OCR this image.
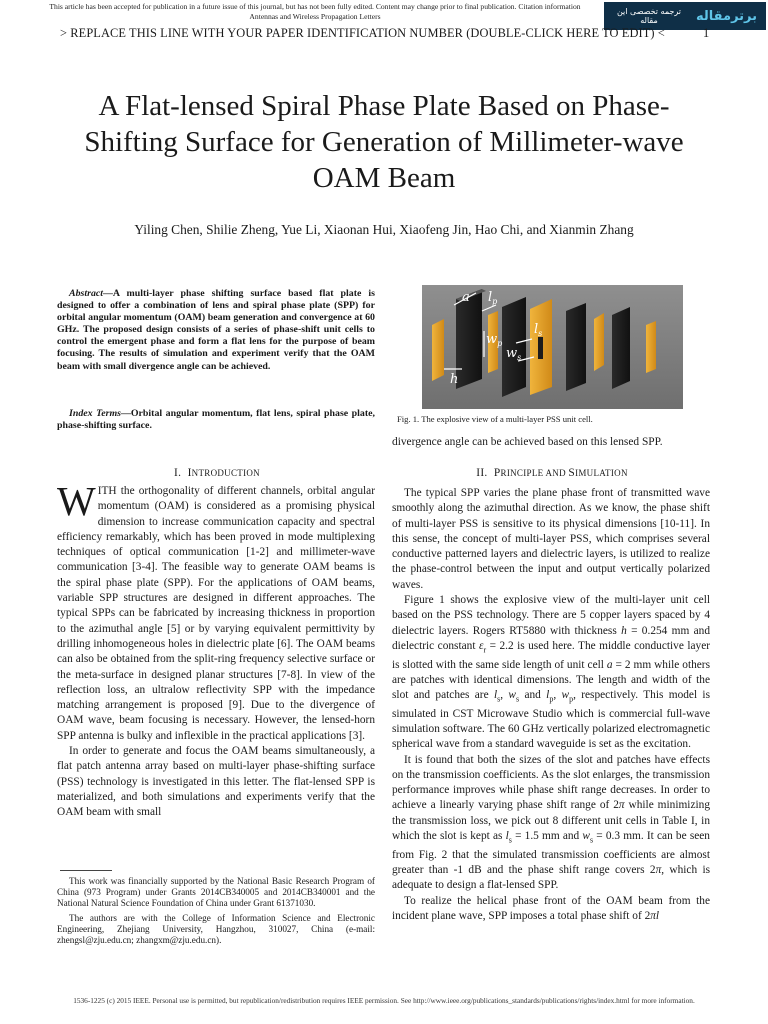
This article has been accepted for publication in a future issue of this journal, but has not been fully edited. Content may change prior to final publication. Citation information
Antennas and Wireless Propagation Letters
ترجمه تخصصی این مقاله	برترمقاله
> REPLACE THIS LINE WITH YOUR PAPER IDENTIFICATION NUMBER (DOUBLE-CLICK HERE TO EDIT) <	1
A Flat-lensed Spiral Phase Plate Based on Phase-Shifting Surface for Generation of Millimeter-wave OAM Beam
Yiling Chen, Shilie Zheng, Yue Li, Xiaonan Hui, Xiaofeng Jin, Hao Chi, and Xianmin Zhang
Abstract—A multi-layer phase shifting surface based flat plate is designed to offer a combination of lens and spiral phase plate (SPP) for orbital angular momentum (OAM) beam generation and convergence at 60 GHz. The proposed design consists of a series of phase-shift unit cells to control the emergent phase and form a flat lens for the purpose of beam focusing. The results of simulation and experiment verify that the OAM beam with small divergence angle can be achieved.
Index Terms—Orbital angular momentum, flat lens, spiral phase plate, phase-shifting surface.
a $l_p$
$w_p$
$l_s$
$w_s$
h
Fig. 1. The explosive view of a multi-layer PSS unit cell.
divergence angle can be achieved based on this lensed SPP.
I. INTRODUCTION	II. PRINCIPLE AND SIMULATION

WITH the orthogonality of different channels, orbital angular momentum (OAM) is considered as a promising physical dimension to increase communication capacity and spectral efficiency remarkably, which has been proved in mode multiplexing techniques of optical communication [1-2] and millimeter-wave communication [3-4]. The feasible way to generate OAM beams is the spiral phase plate (SPP). For the applications of OAM beams, variable SPP structures are designed in different approaches. The typical SPPs can be fabricated by increasing thickness in proportion to the azimuthal angle [5] or by varying equivalent permittivity by drilling inhomogeneous holes in dielectric plate [6]. The OAM beams can also be obtained from the split-ring frequency selective surface or the meta-surface in designed planar structures [7-8]. In view of the reflection loss, an ultralow reflectivity SPP with the impedance matching arrangement is proposed [9]. Due to the divergence of OAM wave, beam focusing is necessary. However, the lensed-horn SPP antenna is bulky and inflexible in the practical applications [3].

In order to generate and focus the OAM beams simultaneously, a flat patch antenna array based on multi-layer phase-shifting surface (PSS) technology is investigated in this letter. The flat-lensed SPP is materialized, and both simulations and experiments verify that the OAM beam with small

This work was financially supported by the National Basic Research Program of China (973 Program) under Grants 2014CB340005 and 2014CB340001 and the National Natural Science Foundation of China under Grant 61371030.

The authors are with the College of Information Science and Electronic Engineering, Zhejiang University, Hangzhou, 310027, China (e-mail: zhengsl@zju.edu.cn; zhangxm@zju.edu.cn).

The typical SPP varies the plane phase front of transmitted wave smoothly along the azimuthal direction. As we know, the phase shift of multi-layer PSS is sensitive to its physical dimensions [10-11]. In this sense, the concept of multi-layer PSS, which comprises several conductive patterned layers and dielectric layers, is utilized to realize the phase-control between the input and output vertically polarized waves.

Figure 1 shows the explosive view of the multi-layer unit cell based on the PSS technology. There are 5 copper layers spaced by 4 dielectric layers. Rogers RT5880 with thickness h = 0.254 mm and dielectric constant $\varepsilon_r = 2.2$ is used here. The middle conductive layer is slotted with the same side length of unit cell a = 2 mm while others are patches with identical dimensions. The length and width of the slot and patches are $l_s$, $w_s$ and $l_p$, $w_p$, respectively. This model is simulated in CST Microwave Studio which is commercial full-wave simulation software. The 60 GHz vertically polarized electromagnetic spherical wave from a standard waveguide is set as the excitation.

It is found that both the sizes of the slot and patches have effects on the transmission coefficients. As the slot enlarges, the transmission performance improves while phase shift range decreases. In order to achieve a linearly varying phase shift range of 2π while minimizing the transmission loss, we pick out 8 different unit cells in Table I, in which the slot is kept as $l_s = 1.5$ mm and $w_s = 0.3$ mm. It can be seen from Fig. 2 that the simulated transmission coefficients are almost greater than -1 dB and the phase shift range covers 2π, which is adequate to design a flat-lensed SPP.

To realize the helical phase front of the OAM beam from the incident plane wave, SPP imposes a total phase shift of 2πl

1536-1225 (c) 2015 IEEE. Personal use is permitted, but republication/redistribution requires IEEE permission. See http://www.ieee.org/publications_standards/publications/rights/index.html for more information.
